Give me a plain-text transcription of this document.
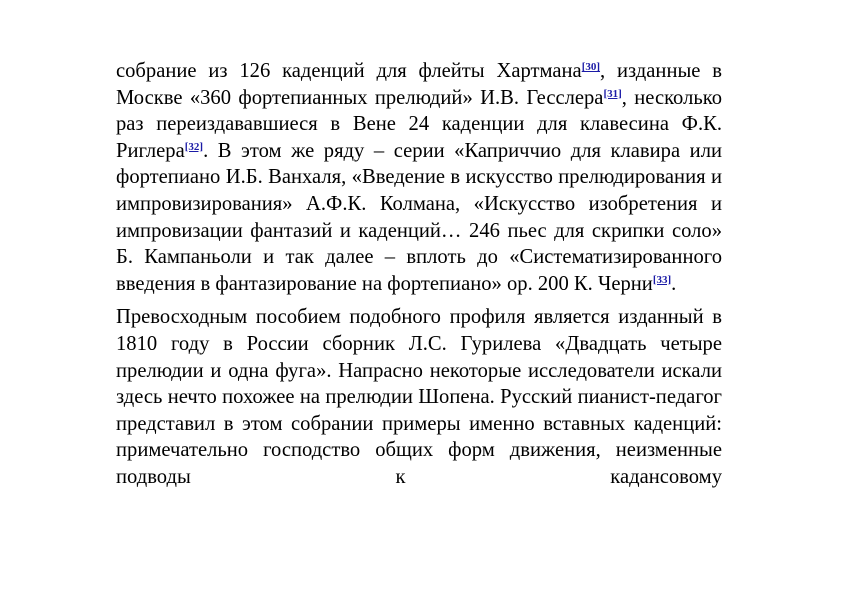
собрание из 126 каденций для флейты Хартмана[30], изданные в Москве «360 фортепианных прелюдий» И.В. Гесслера[31], несколько раз переиздававшиеся в Вене 24 каденции для клавесина Ф.К. Риглера[32]. В этом же ряду – серии «Каприччио для клавира или фортепиано И.Б. Ванхаля, «Введение в искусство прелюдирования и импровизирования» А.Ф.К. Колмана, «Искусство изобретения и импровизации фантазий и каденций… 246 пьес для скрипки соло» Б. Кампаньоли и так далее – вплоть до «Систематизированного введения в фантазирование на фортепиано» op. 200 К. Черни[33].

Превосходным пособием подобного профиля является изданный в 1810 году в России сборник Л.С. Гурилева «Двадцать четыре прелюдии и одна фуга». Напрасно некоторые исследователи искали здесь нечто похожее на прелюдии Шопена. Русский пианист-педагог представил в этом собрании примеры именно вставных каденций: примечательно господство общих форм движения, неизменные подводы к кадансовому
